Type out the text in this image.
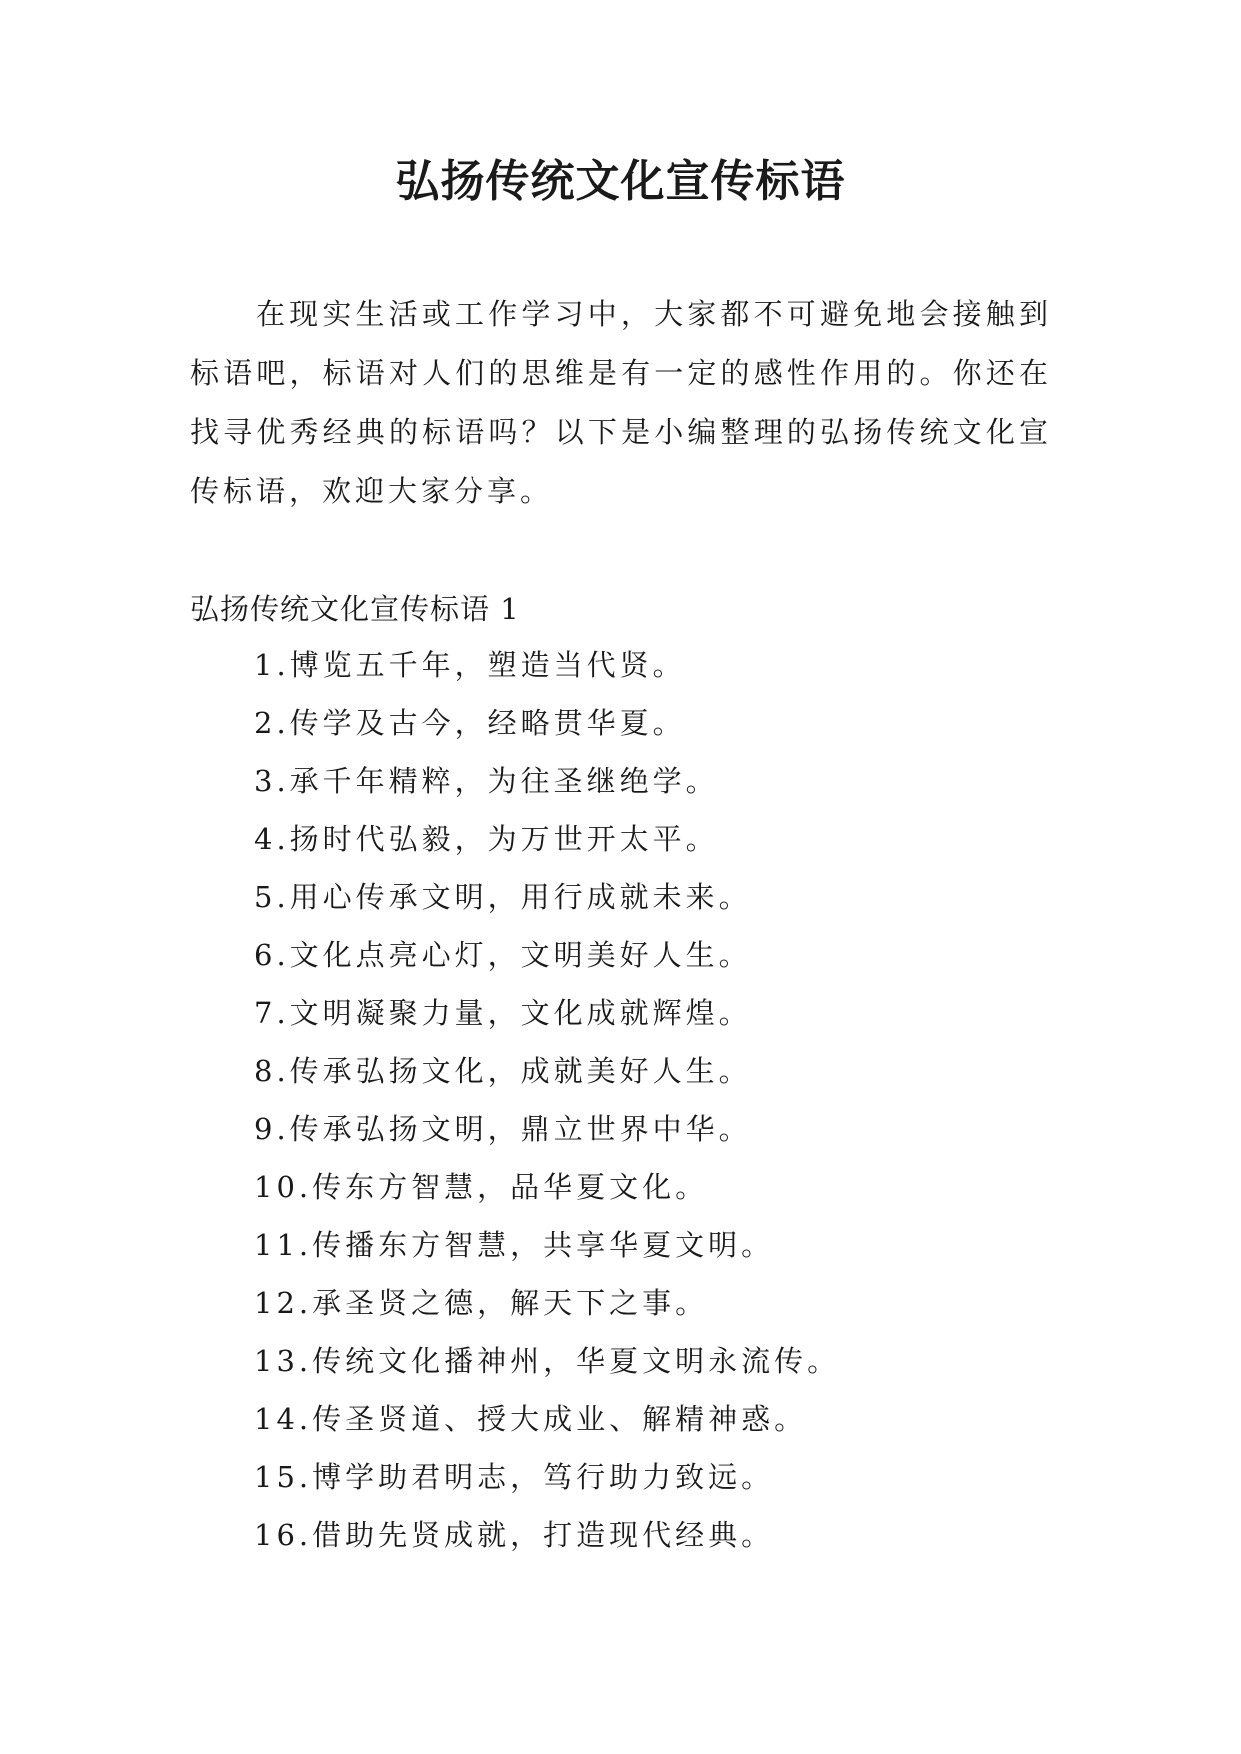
弘扬传统文化宣传标语

在现实生活或工作学习中，大家都不可避免地会接触到标语吧，标语对人们的思维是有一定的感性作用的。你还在找寻优秀经典的标语吗？以下是小编整理的弘扬传统文化宣传标语，欢迎大家分享。

弘扬传统文化宣传标语 1

1.博览五千年，塑造当代贤。
2.传学及古今，经略贯华夏。
3.承千年精粹，为往圣继绝学。
4.扬时代弘毅，为万世开太平。
5.用心传承文明，用行成就未来。
6.文化点亮心灯，文明美好人生。
7.文明凝聚力量，文化成就辉煌。
8.传承弘扬文化，成就美好人生。
9.传承弘扬文明，鼎立世界中华。
10.传东方智慧，品华夏文化。
11.传播东方智慧，共享华夏文明。
12.承圣贤之德，解天下之事。
13.传统文化播神州，华夏文明永流传。
14.传圣贤道、授大成业、解精神惑。
15.博学助君明志，笃行助力致远。
16.借助先贤成就，打造现代经典。
